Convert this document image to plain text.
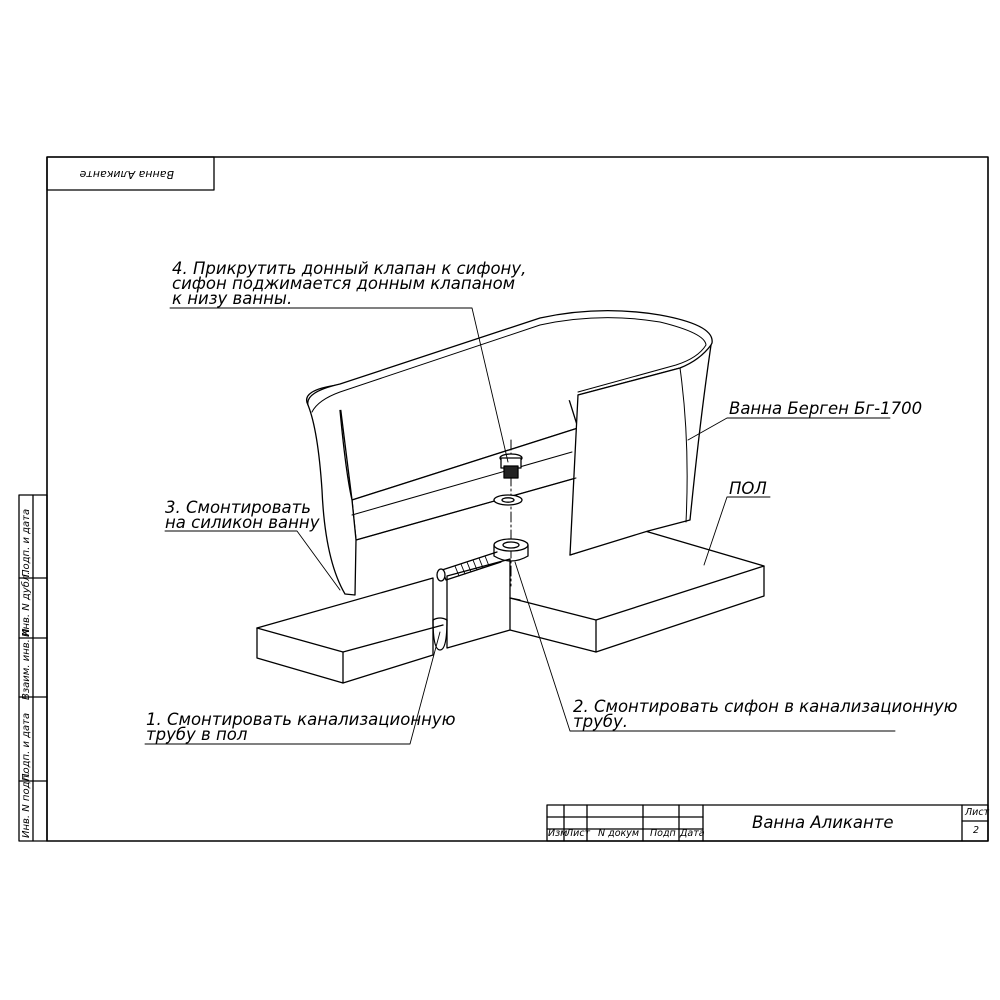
Ванна Аликанте
4. Прикрутить донный клапан к сифону,
сифон поджимается донным клапаном
к низу ванны.
Ванна Берген Бг-1700
ПОЛ
3. Смонтировать
на силикон ванну
2. Смонтировать сифон в канализационную
трубу.
1. Смонтировать канализационную
трубу в пол
Подп. и дата
Инв. N дубл.
Взаим. инв. N
Подп. и дата
Инв. N подл.	Изм
Лист N докум Подп Дата
Ванна Аликанте
Лист
2
